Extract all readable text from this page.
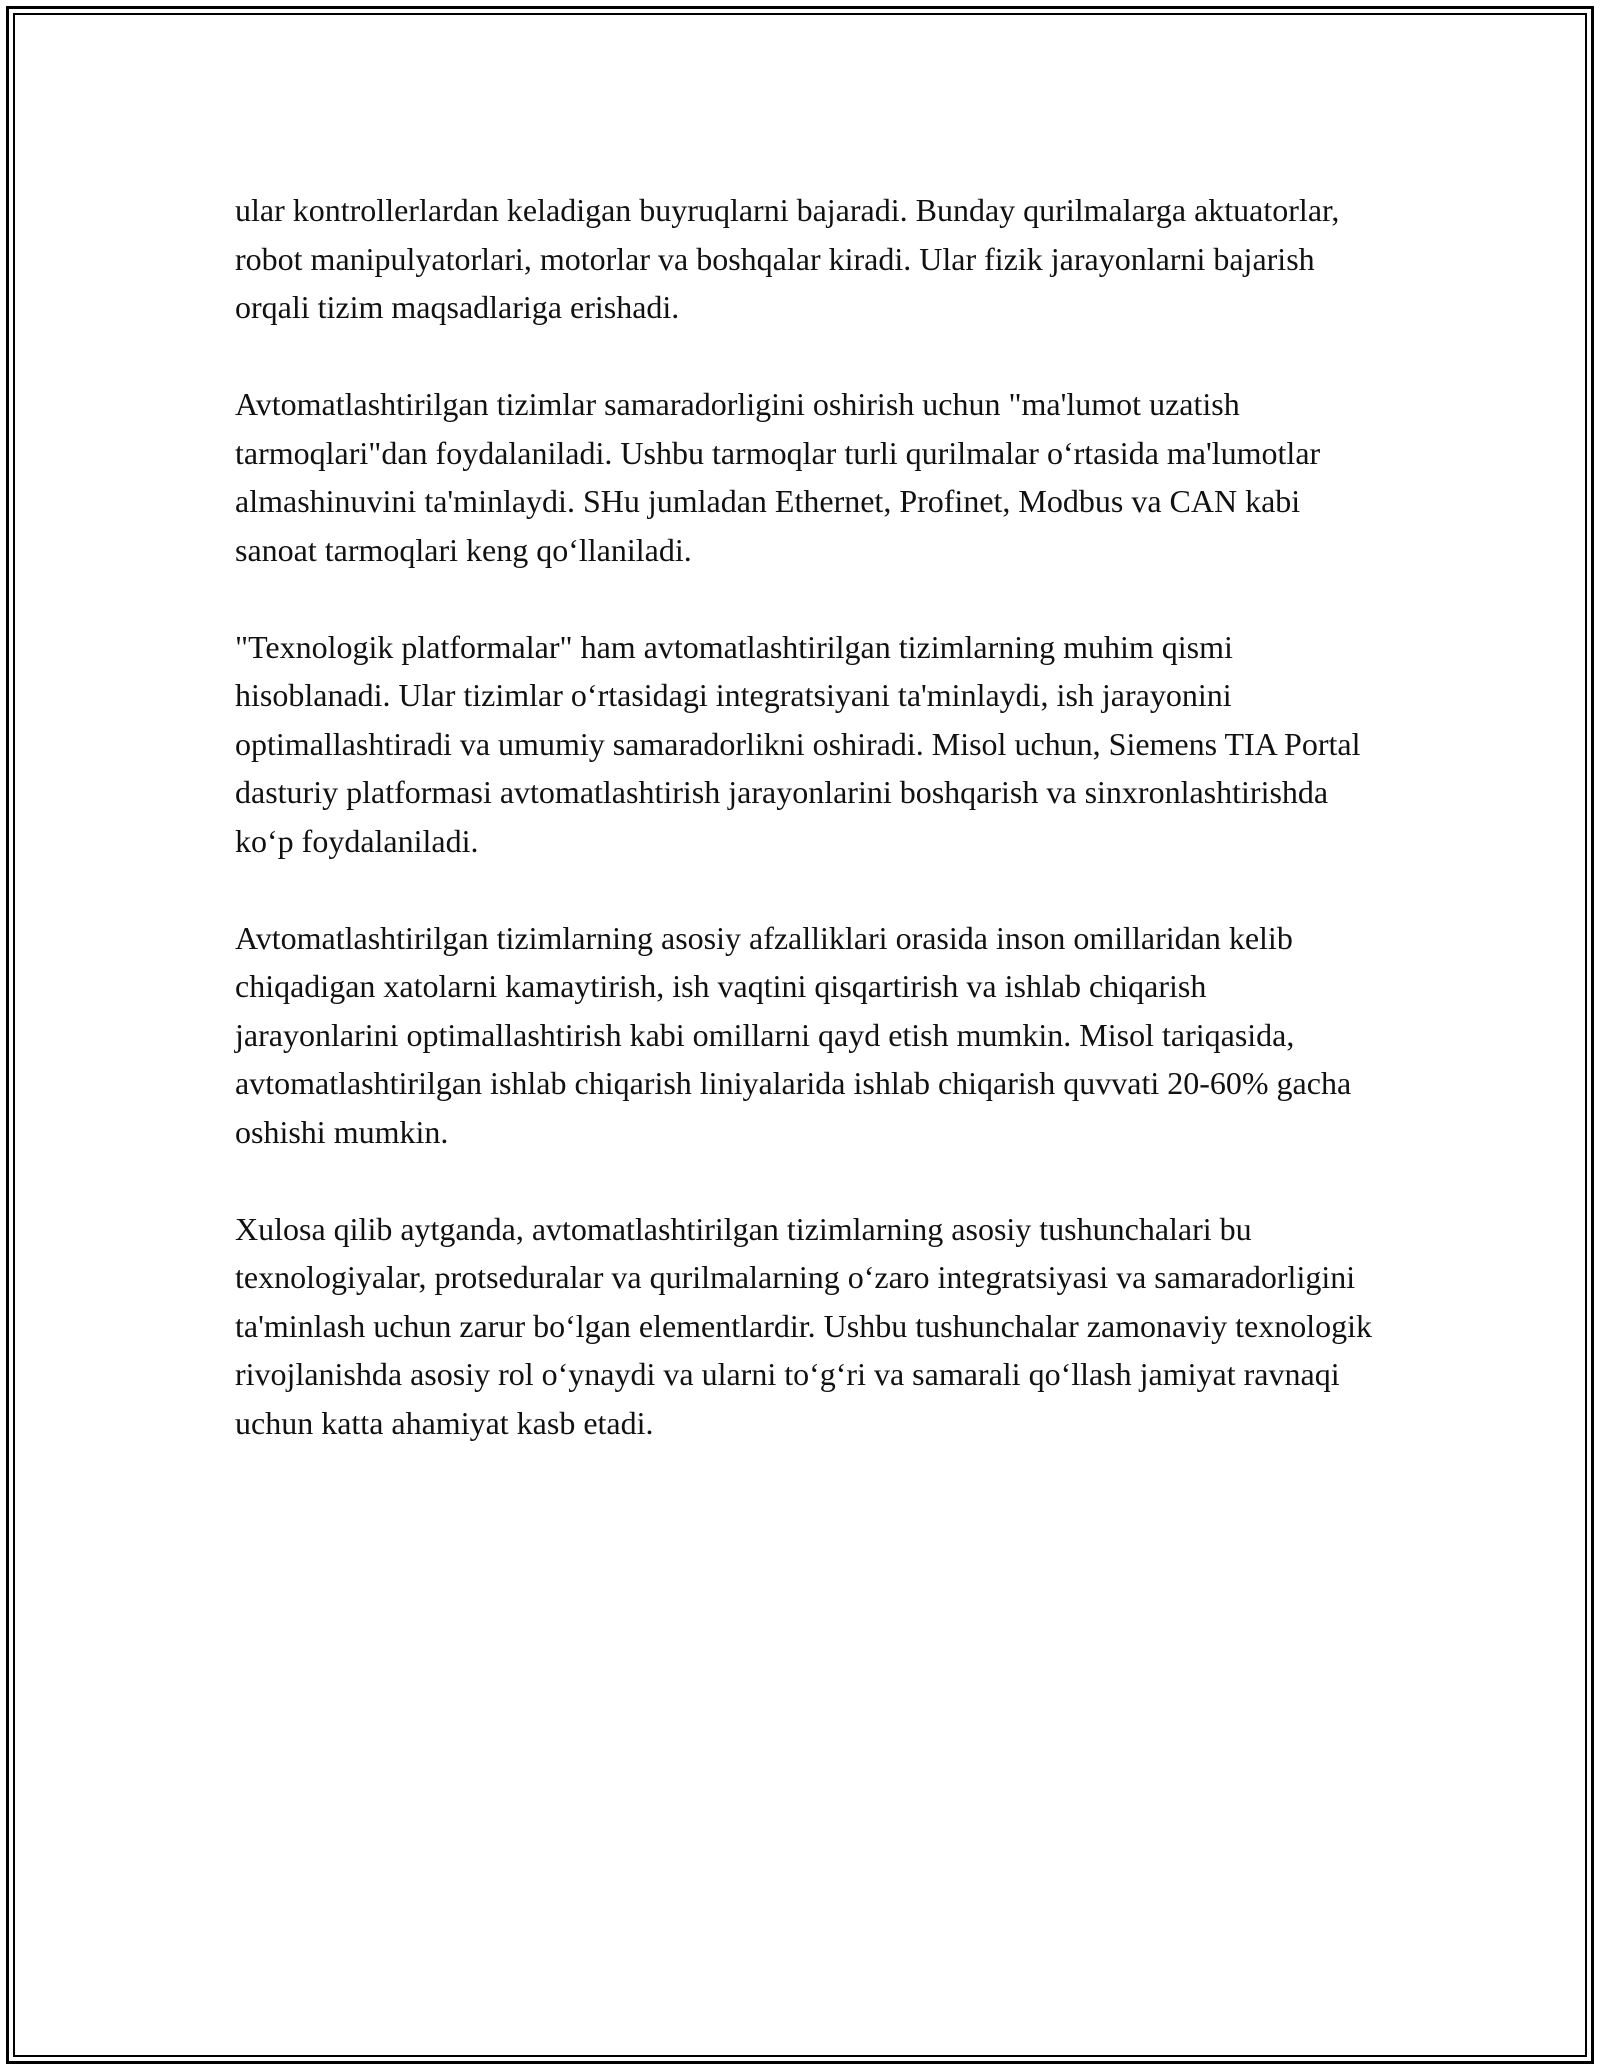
ular kontrollerlardan keladigan buyruqlarni bajaradi. Bunday qurilmalarga aktuatorlar, robot manipulyatorlari, motorlar va boshqalar kiradi. Ular fizik jarayonlarni bajarish orqali tizim maqsadlariga erishadi.

Avtomatlashtirilgan tizimlar samaradorligini oshirish uchun "ma'lumot uzatish tarmoqlari"dan foydalaniladi. Ushbu tarmoqlar turli qurilmalar o‘rtasida ma'lumotlar almashinuvini ta'minlaydi. SHu jumladan Ethernet, Profinet, Modbus va CAN kabi sanoat tarmoqlari keng qo‘llaniladi.

"Texnologik platformalar" ham avtomatlashtirilgan tizimlarning muhim qismi hisoblanadi. Ular tizimlar o‘rtasidagi integratsiyani ta'minlaydi, ish jarayonini optimallashtiradi va umumiy samaradorlikni oshiradi. Misol uchun, Siemens TIA Portal dasturiy platformasi avtomatlashtirish jarayonlarini boshqarish va sinxronlashtirishda ko‘p foydalaniladi.

Avtomatlashtirilgan tizimlarning asosiy afzalliklari orasida inson omillaridan kelib chiqadigan xatolarni kamaytirish, ish vaqtini qisqartirish va ishlab chiqarish jarayonlarini optimallashtirish kabi omillarni qayd etish mumkin. Misol tariqasida, avtomatlashtirilgan ishlab chiqarish liniyalarida ishlab chiqarish quvvati 20-60% gacha oshishi mumkin.

Xulosa qilib aytganda, avtomatlashtirilgan tizimlarning asosiy tushunchalari bu texnologiyalar, protseduralar va qurilmalarning o‘zaro integratsiyasi va samaradorligini ta'minlash uchun zarur bo‘lgan elementlardir. Ushbu tushunchalar zamonaviy texnologik rivojlanishda asosiy rol o‘ynaydi va ularni to‘g‘ri va samarali qo‘llash jamiyat ravnaqi uchun katta ahamiyat kasb etadi.
